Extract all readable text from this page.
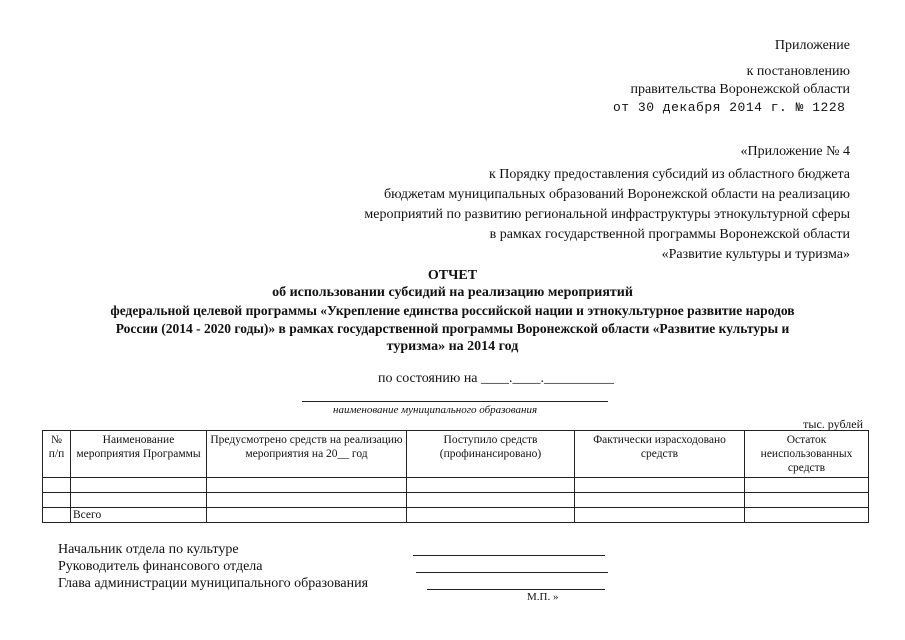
Приложение
к постановлению
правительства Воронежской области
от 30 декабря 2014 г. № 1228
«Приложение № 4
к Порядку предоставления субсидий из областного бюджета
бюджетам муниципальных образований Воронежской области на реализацию
мероприятий по развитию региональной инфраструктуры этнокультурной сферы
в рамках государственной программы Воронежской области
«Развитие культуры и туризма»
ОТЧЕТ
об использовании субсидий на реализацию мероприятий
федеральной целевой программы «Укрепление единства российской нации и этнокультурное развитие народов
России (2014 - 2020 годы)» в рамках государственной программы Воронежской области «Развитие культуры и
туризма» на 2014 год
по состоянию на ____.____.__________
наименование муниципального образования
тыс. рублей
№ п/п	Наименование мероприятия Программы	Предусмотрено средств на реализацию мероприятия на 20__ год	Поступило средств (профинансировано)	Фактически израсходовано средств	Остаток неиспользованных средств

	Всего				
Начальник отдела по культуре
Руководитель финансового отдела
Глава администрации муниципального образования
М.П. »
